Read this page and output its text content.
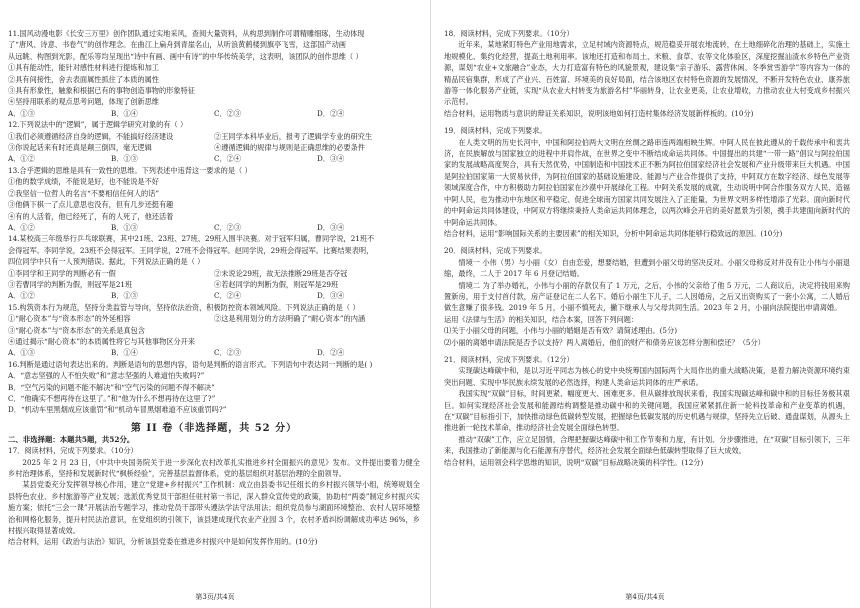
11.国风动漫电影《长安三万里》创作团队通过实地采风，查阅大量资料，从构思到制作可谓精雕细琢，生动体现
了“唐风、诗意、书卷气”的创作理念。在曲江上扁舟到青崖名山，从听浪黄鹤楼到旗亭飞雪，这部国产动画
从远眺、构图到光影，配乐等均呈现出“诗中有画、画中有诗”的中华传统美学，这表明，该团队的创作思维（ ）
①具有能动性，能针对感性材料进行提炼和加工
②具有间接性，舍去表面属性抓住了本质的属性
③具有形象性，触象和根据已有的事物创造事物的形象特征
④坚持用联系的观点思考问题，体现了创新思维
A．①③	B．①④	C．②③	D．②④
12.下列说法中的“逻辑”，属于逻辑学研究对象的有（ ）
①我们必须遵循经济自身的逻辑，不能搞好经济建设	②王同学本科毕业后，报考了逻辑学专业的研究生
③你说起话来有时还真是颠三倒四，毫无逻辑	④遵循逻辑的规律与规则是正确思维的必要条件
A．①②	B．①③	C．②④	D．③④
13.合乎逻辑的思维是具有一致性的思维。下列表述中违背这一要求的是（ ）
①他的数学成绩，不能说是好，也不能说是不好
②我坚信一位哲人的名言“不要相信任何人的话”
③他俩下棋一了点儿意思也没有，但有几步还挺有趣
④有的人活着，他已经死了，有的人死了，他还活着
A．①②	B．①③	C．②③	D．③④
14.某校高三年级举行乒乓球联赛，其中21班、23班、27班、29班入围半决赛。对于冠军归属，曹同学说，21班不
会得冠军。李同学说，23班不会得冠军。王同学说，27班不会得冠军。赵同学说，29班会得冠军。比赛结果表明，
四位同学中只有一人预判错误。据此，下列说法正确的是（ ）
①李同学和王同学的判断必有一假	②未说论29班，故无法推断29班是否夺冠
③若曹同学的判断为假，则冠军是21班	④若赵同学的判断为假，则冠军是29班
A．①②	B．①③	C．②④	D．③④
15.构筑资本行为规范，坚持分类监管与导向，坚持依法治资，积极防控资本领域风险。下列说法正确的是（ ）
①“耐心资本”与“资本形态”的外延相容	②这是利用划分的方法明确了“耐心资本”的内涵
③“耐心资本”与“资本形态”的关系是真包含
④通过揭示“耐心资本”的本质属性将它与其他事物区分开来
A．①③	B．①④	C．②③	D．②④
16.判断是通过语句表达出来的。判断是语句的思想内容，语句是判断的语言形式。下列语句中表达同一判断的是( )
A．“意志坚强的人不怕失败”和“意志坚强的人难道怕失败吗?”
B．“空气污染的问题不能不解决”和“空气污染的问题不得不解决”
C．“他确实不想再待在这里了。”和“他为什么不想再待在这里了?”
D．“机动车里黑烟成应该重罚”和“机动车冒黑烟难道不应该重罚吗?”
第 II 卷（非选择题，共 52 分）
二、非选择题：本题共5题，共52分。
17．阅读材料，完成下列要求。（10分）

2025 年 2 月 23 日，《中共中央国务院关于进一步深化农村改革扎实推进乡村全面振兴的意见》发布。文件提出要着力健全乡村治理体系，坚持和发展新时代“枫桥经验”，完善基层监督体系，党的基层组织对基层治理的全面领导。

某县党委充分发挥领导核心作用，建立“党建+乡村振兴”工作机制：成立由县委书记任组长的乡村振兴领导小组，统筹规划全县特色农业、乡村旅游等产业发展；选派优秀党员干部担任驻村第一书记，深入群众宣传党的政策，协助村“两委”制定乡村振兴实施方案；依托“三会一课”开展法治专题学习，推动党员干部带头遵法学法守法用法；组织党员参与湖面环境整治、农村人居环境整治和网格化服务，提升村民法治意识，在党组织的引领下，该县建成现代农业产业园 3 个，农村矛盾纠纷调解成功率达 96%，乡村振兴取得显著成效。

结合材料，运用《政治与法治》知识，分析该县党委在推进乡村振兴中是如何发挥作用的。(10分)

第3页/共4页
18．阅读材料，完成下列要求。（10分）

近年来，某地紧盯特色产业用地需求，立足村域内资源特点，规范稳妥开展农地流转，在土地细碎化治理的基础上，实施土地规模化、集约化经营，提高土地利用率。该地还打造和布局土、米粮、食草、农等文化体验区，深度挖掘汕渣水乡特色产业资源，谋划“农业+文旅融合”业态，大力打造富有特色的风貌景观，建设集“亲子游乐、露营休闲、冬季赏雪游学”等内容为一体的精品民宿集群，形成了产业兴、百姓富、环境美的良好局面，结合该地区农村特色资源的发展情况，不断开发特色农业、康养旅游等一体化服务产业链，实现“从农业大村转变为旅游名村”华丽转身，让农业更美，让农业增收，力推动农业大村变成乡村振兴示范村。

结合材料，运用物质与意识的辩证关系知识，说明该地如何打造村集体经济发展新样板的。(10分)

19．阅读材料，完成下列要求。

在人类文明的历史长河中，中国和阿拉伯两大文明在丝绸之路串连两端相映生辉。中阿人民在彼此遵从的千载传承中和衷共济，在民族解放与国家独立的进程中并肩作战，在世界之变中不断结成命运共同体。中国提出的共建“一带一路”倡议与阿拉伯国家的发展战略高度契合，具有天然优势，中国制造和中国技术正不断为阿拉伯国家经济社会发展和产业升级带来巨大机遇。中国是阿拉伯国家第一大贸易伙伴，为阿拉伯国家的基础设施建设、能源与产业合作提供了支持，中阿双方在数字经济、绿色发展等领域深度合作，中方积极助力阿拉伯国家在沙漠中开展绿化工程。中阿关系发展的成就，生动说明中阿合作服务双方人民、造福中阿人民，也为推动中东地区和平稳定、促进全球南方国家共同发展注入了正能量，为世界文明多样性增添了光彩。面向新时代的中阿命运共同体建设，中阿双方将继续秉持人类命运共同体理念，以两次峰会开启的美好愿景为引领，携手共建面向新时代的中阿命运共同体。

结合材料，运用“影响国际关系的主要因素”的相关知识，分析中阿命运共同体能够行稳致远的原因。(10分)

20．阅读材料，完成下列要求。

情境一 小伟（男）与小丽（女）自由恋爱，想要结婚，但遭到小丽父母的坚决反对。小丽父母称反对并没有让小伟与小丽退缩，最终，二人于 2017 年 6 月登记结婚。

情境二 为了举办婚礼，小伟与小丽的存款仅有了 1 万元，之后，小伟的父亲给了他 5 万元，二人商议后，决定将钱用来购置新房，用于支付首付款，房产证登记在二人名下。婚后小丽生下儿子，二人因婚房，之后又出资购买了一套小公寓，二人婚后做生意赚了很多钱。2019 年 5 月，小丽不慎死去，撇下继承人与父母共同生活。2023 年 2 月，小丽向法院提出申请离婚。

运用《法律与生活》的相关知识，结合本案，回答下列问题：

⑴关于小丽父母的问题，小伟与小丽的婚姻是否有效？请简述理由。(5分)

⑵小丽的离婚申请法院是否予以支持？两人离婚后，他们的财产和债务应该怎样分割和偿还？（5分）

21．阅读材料，完成下列要求。（12分）

实现碳达峰碳中和，是以习近平同志为核心的党中央统筹国内国际两个大局作出的重大战略决策，是着力解决资源环境约束突出问题、实现中华民族永续发展的必然选择，构建人类命运共同体的庄严承诺。

我国实现“双碳”目标，时间更紧、幅度更大、困难更多。但从碳排放现状来看，我国实现碳达峰和碳中和的目标任务极其艰巨。如何实现经济社会发展和能源结构调整是推动碳中和的关键问题，我国应紧紧抓住新一轮科技革命和产业变革的机遇，在“双碳”目标指引下，加快推动绿色低碳转型发展，把握绿色低碳发展的历史机遇与规律，坚持先立后破、通盘谋划，从源头上推进新一轮技术革命，推动经济社会发展全面绿色转型。

推动“双碳”工作，应立足国情，合理把握碳达峰碳中和工作节奏和力度，有计划、分步骤推进，在“双碳”目标引领下，三年来，我国推动了新能源与化石能源有序替代，经济社会发展全面绿色低碳转型取得了巨大成效。

结合材料，运用领会科学思维的知识，说明“双碳”目标战略决策的科学性。(12分)

第4页/共4页
